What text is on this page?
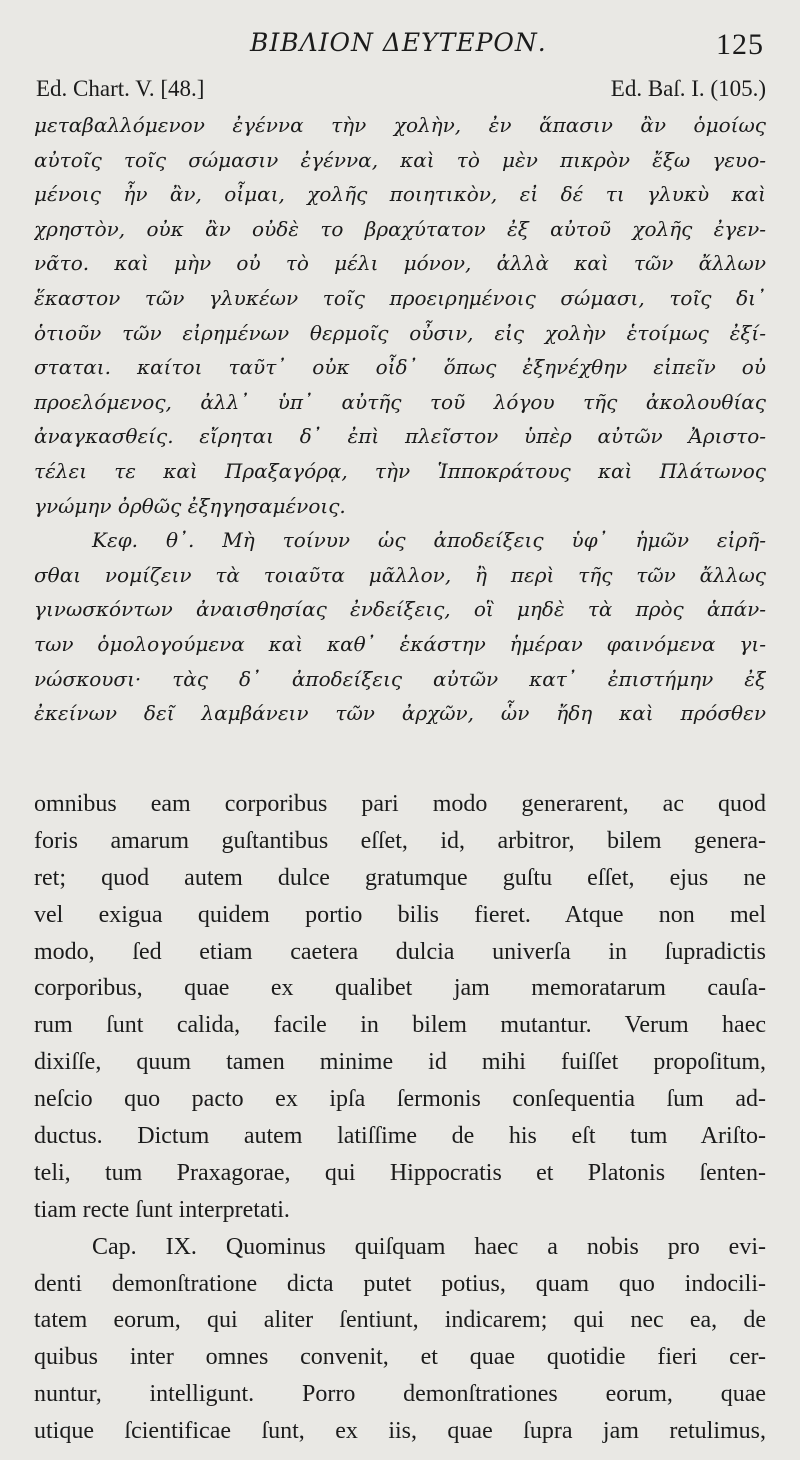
BIBΛΙΟΝ ΔΕΥΤΕΡΟΝ.	125
Ed. Chart. V. [48.]	Ed. Baſ. I. (105.)
μεταβαλλόμενον ἐγέννα τὴν χολὴν, ἐν ἅπασιν ἂν ὁμοίως
αὐτοῖς τοῖς σώμασιν ἐγέννα, καὶ τὸ μὲν πικρὸν ἔξω γευο-
μένοις ἦν ἂν, οἶμαι, χολῆς ποιητικὸν, εἰ δέ τι γλυκὺ καὶ
χρηστὸν, οὐκ ἂν οὐδὲ το βραχύτατον ἐξ αὐτοῦ χολῆς ἐγεν-
νᾶτο. καὶ μὴν οὐ τὸ μέλι μόνον, ἀλλὰ καὶ τῶν ἄλλων
ἕκαστον τῶν γλυκέων τοῖς προειρημένοις σώμασι, τοῖς δι᾽
ὁτιοῦν τῶν εἰρημένων θερμοῖς οὖσιν, εἰς χολὴν ἑτοίμως ἐξί-
σταται. καίτοι ταῦτ᾽ οὐκ οἶδ᾽ ὅπως ἐξηνέχθην εἰπεῖν οὐ
προελόμενος, ἀλλ᾽ ὑπ᾽ αὐτῆς τοῦ λόγου τῆς ἀκολουθίας
ἀναγκασθείς. εἴρηται δ᾽ ἐπὶ πλεῖστον ὑπὲρ αὐτῶν Ἀριστο-
τέλει τε καὶ Πραξαγόρᾳ, τὴν Ἱπποκράτους καὶ Πλάτωνος
γνώμην ὀρθῶς ἐξηγησαμένοις.
Κεφ. θ᾽. Μὴ τοίνυν ὡς ἀποδείξεις ὑφ᾽ ἡμῶν εἰρῆ-
σθαι νομίζειν τὰ τοιαῦτα μᾶλλον, ἢ περὶ τῆς τῶν ἄλλως
γινωσκόντων ἀναισθησίας ἐνδείξεις, οἳ μηδὲ τὰ πρὸς ἁπάν-
των ὁμολογούμενα καὶ καθ᾽ ἑκάστην ἡμέραν φαινόμενα γι-
νώσκουσι· τὰς δ᾽ ἀποδείξεις αὐτῶν κατ᾽ ἐπιστήμην ἐξ
ἐκείνων δεῖ λαμβάνειν τῶν ἀρχῶν, ὧν ἤδη καὶ πρόσθεν
omnibus eam corporibus pari modo generarent, ac quod
foris amarum guſtantibus eſſet, id, arbitror, bilem genera-
ret; quod autem dulce gratumque guſtu eſſet, ejus ne
vel exigua quidem portio bilis fieret. Atque non mel
modo, ſed etiam caetera dulcia univerſa in ſupradictis
corporibus, quae ex qualibet jam memoratarum cauſa-
rum ſunt calida, facile in bilem mutantur. Verum haec
dixiſſe, quum tamen minime id mihi fuiſſet propoſitum,
neſcio quo pacto ex ipſa ſermonis conſequentia ſum ad-
ductus. Dictum autem latiſſime de his eſt tum Ariſto-
teli, tum Praxagorae, qui Hippocratis et Platonis ſenten-
tiam recte ſunt interpretati.
Cap. IX. Quominus quiſquam haec a nobis pro evi-
denti demonſtratione dicta putet potius, quam quo indocili-
tatem eorum, qui aliter ſentiunt, indicarem; qui nec ea, de
quibus inter omnes convenit, et quae quotidie fieri cer-
nuntur, intelligunt. Porro demonſtrationes eorum, quae
utique ſcientificae ſunt, ex iis, quae ſupra jam retulimus,
